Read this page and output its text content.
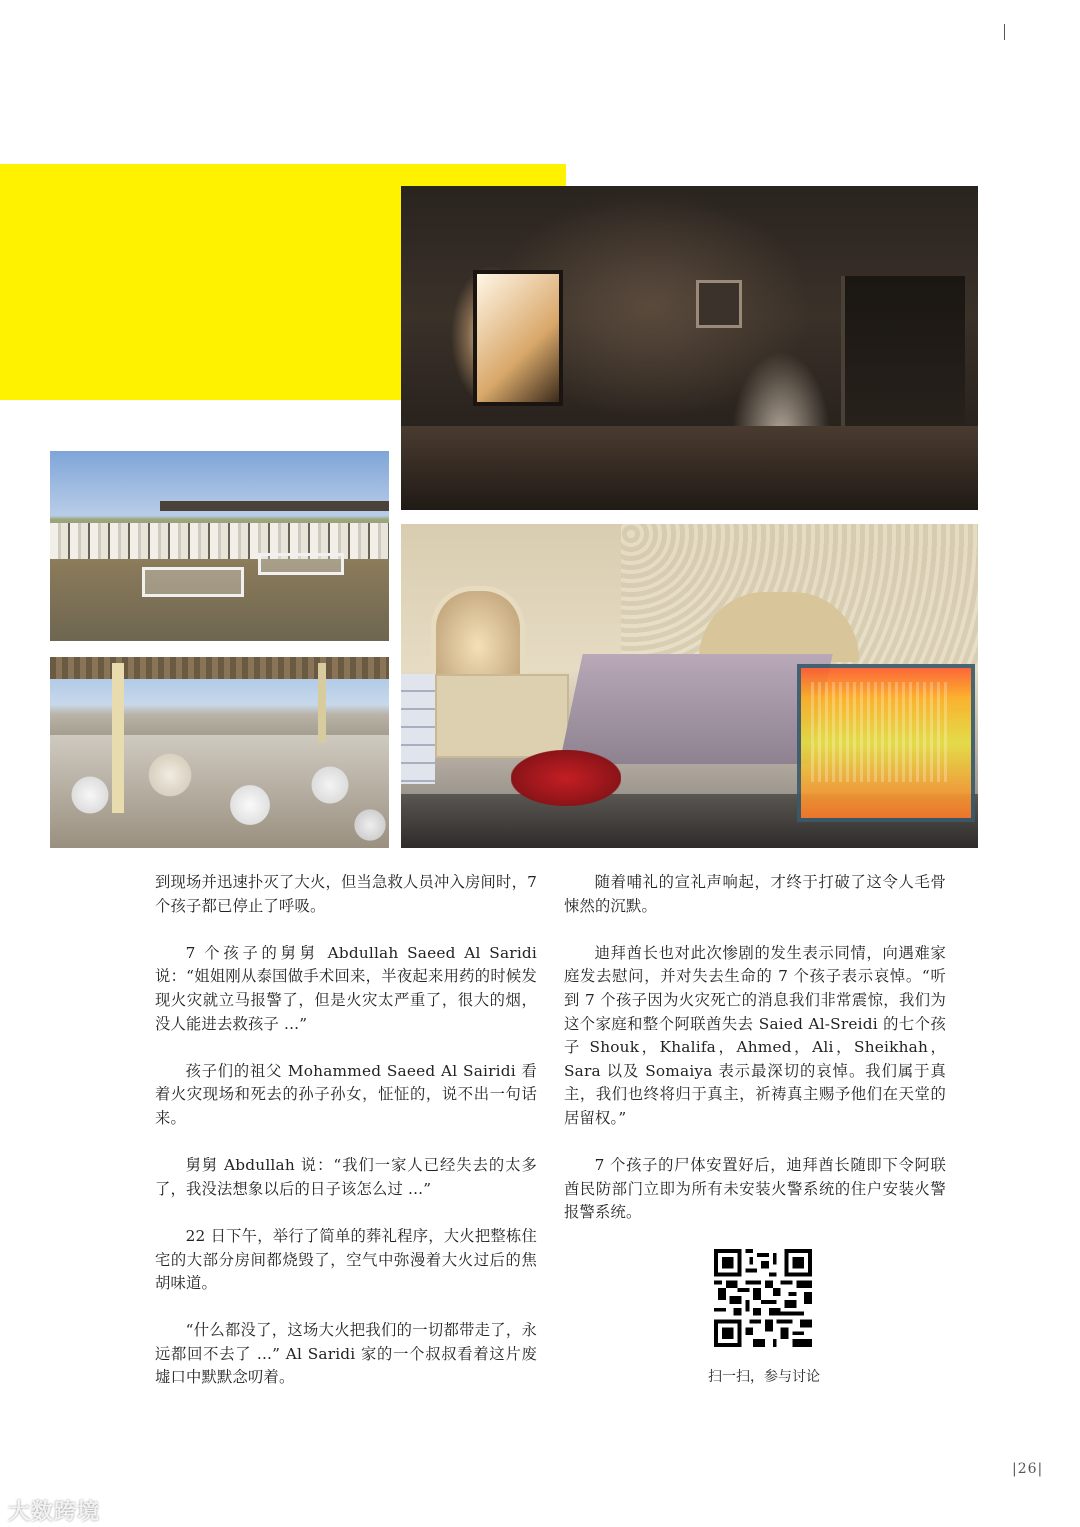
到现场并迅速扑灭了大火，但当急救人员冲入房间时，7 个孩子都已停止了呼吸。

7 个孩子的舅舅 Abdullah Saeed Al Saridi 说：“姐姐刚从泰国做手术回来，半夜起来用药的时候发现火灾就立马报警了，但是火灾太严重了，很大的烟，没人能进去救孩子 ...”

孩子们的祖父 Mohammed Saeed Al Sairidi 看着火灾现场和死去的孙子孙女，怔怔的，说不出一句话来。

舅舅 Abdullah 说：“我们一家人已经失去的太多了，我没法想象以后的日子该怎么过 ...”

22 日下午，举行了简单的葬礼程序，大火把整栋住宅的大部分房间都烧毁了，空气中弥漫着大火过后的焦胡味道。

“什么都没了，这场大火把我们的一切都带走了，永远都回不去了 ...” Al Saridi 家的一个叔叔看着这片废墟口中默默念叨着。

随着哺礼的宣礼声响起，才终于打破了这令人毛骨悚然的沉默。

迪拜酋长也对此次惨剧的发生表示同情，向遇难家庭发去慰问，并对失去生命的 7 个孩子表示哀悼。“听到 7 个孩子因为火灾死亡的消息我们非常震惊，我们为这个家庭和整个阿联酋失去 Saied Al-Sreidi 的七个孩子 Shouk，Khalifa，Ahmed，Ali，Sheikhah，Sara 以及 Somaiya 表示最深切的哀悼。我们属于真主，我们也终将归于真主，祈祷真主赐予他们在天堂的居留权。”

7 个孩子的尸体安置好后，迪拜酋长随即下令阿联酋民防部门立即为所有未安装火警系统的住户安装火警报警系统。

扫一扫，参与讨论
|26|
大数跨境
